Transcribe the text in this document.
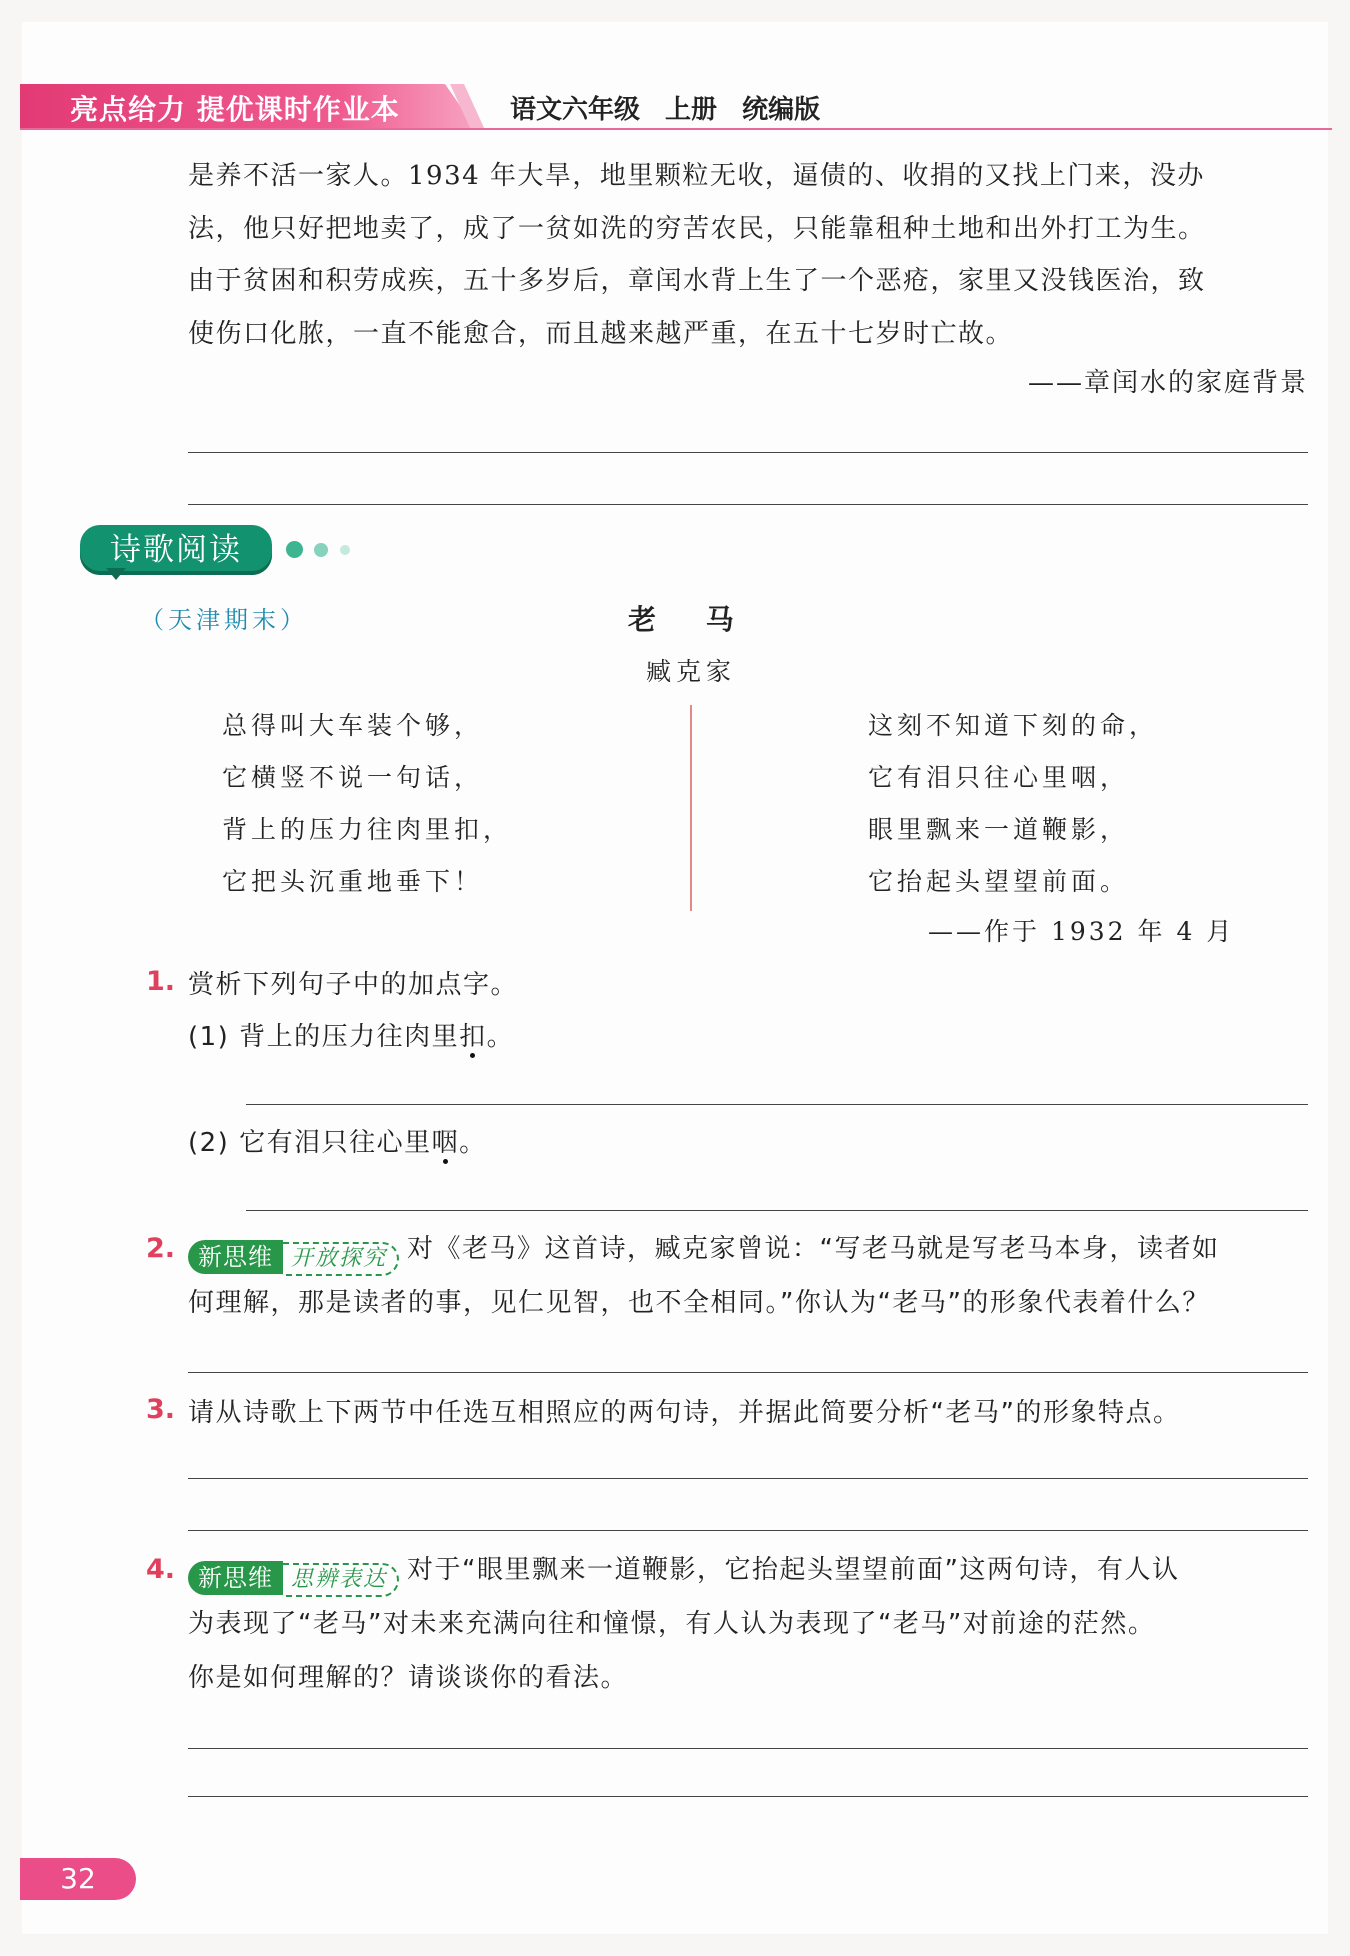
亮点给力 提优课时作业本	语文六年级 上册 统编版

是养不活一家人。1934 年大旱，地里颗粒无收，逼债的、收捐的又找上门来，没办

法，他只好把地卖了，成了一贫如洗的穷苦农民，只能靠租种土地和出外打工为生。

由于贫困和积劳成疾，五十多岁后，章闰水背上生了一个恶疮，家里又没钱医治，致

使伤口化脓，一直不能愈合，而且越来越严重，在五十七岁时亡故。

——章闰水的家庭背景
诗歌阅读
（天津期末）	老 马
臧克家
总得叫大车装个够，
它横竖不说一句话，
背上的压力往肉里扣，
它把头沉重地垂下！
这刻不知道下刻的命，
它有泪只往心里咽，
眼里飘来一道鞭影，
它抬起头望望前面。
——作于 1932 年 4 月
1. 赏析下列句子中的加点字。

(1) 背上的压力往肉里扣。

(2) 它有泪只往心里咽。

2. 新思维 开放探究 对《老马》这首诗，臧克家曾说：“写老马就是写老马本身，读者如

何理解，那是读者的事，见仁见智，也不全相同。”你认为“老马”的形象代表着什么？

3. 请从诗歌上下两节中任选互相照应的两句诗，并据此简要分析“老马”的形象特点。

4. 新思维 思辨表达 对于“眼里飘来一道鞭影，它抬起头望望前面”这两句诗，有人认

为表现了“老马”对未来充满向往和憧憬，有人认为表现了“老马”对前途的茫然。

你是如何理解的？请谈谈你的看法。

32
